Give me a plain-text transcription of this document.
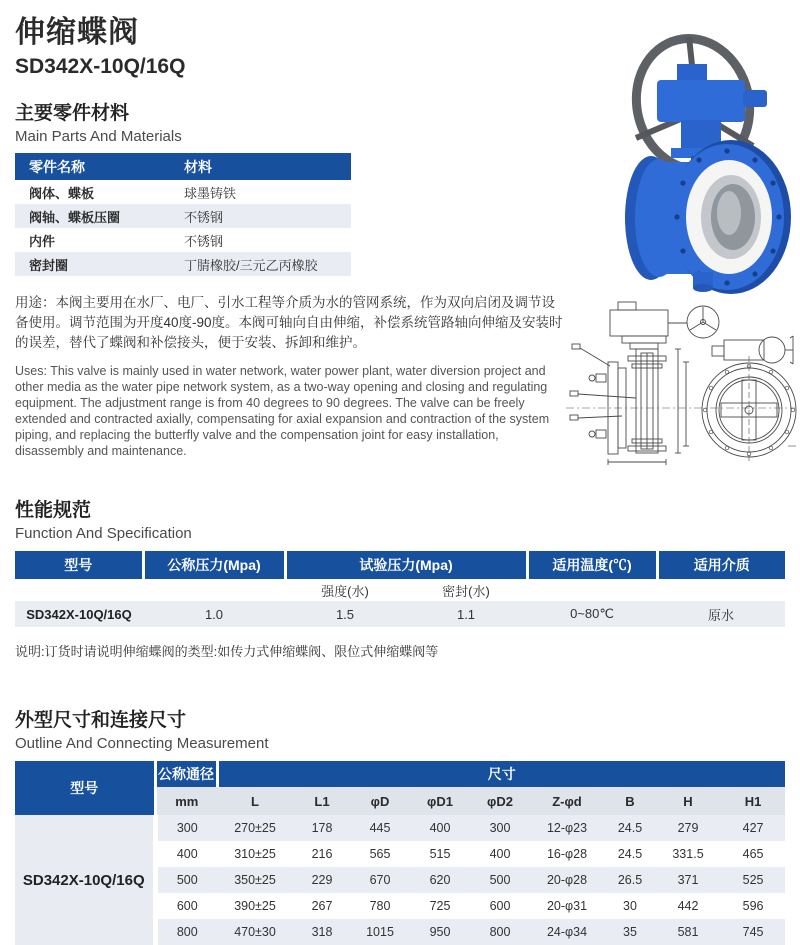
伸缩蝶阀
SD342X-10Q/16Q
主要零件材料
Main Parts And Materials
零件名称	材料
阀体、蝶板	球墨铸铁
阀轴、蝶板压圈	不锈钢
内件	不锈钢
密封圈	丁腈橡胶/三元乙丙橡胶

用途：本阀主要用在水厂、电厂、引水工程等介质为水的管网系统，作为双向启闭及调节设备使用。调节范围为开度40度-90度。本阀可轴向自由伸缩，补偿系统管路轴向伸缩及安装时的误差，替代了蝶阀和补偿接头，便于安装、拆卸和维护。

Uses: This valve is mainly used in water network, water power plant, water diversion project and other media as the water pipe network system, as a two-way opening and closing and regulating equipment. The adjustment range is from 40 degrees to 90 degrees. The valve can be freely extended and contracted axially, compensating for axial expansion and contraction of the system piping, and replacing the butterfly valve and the compensation joint for easy installation, disassembly and maintenance.

性能规范
Function And Specification
型号	公称压力(Mpa)	试验压力(Mpa)		适用温度(℃)	适用介质
		强度(水)	密封(水)		
SD342X-10Q/16Q	1.0	1.5	1.1	0~80℃	原水

说明:订货时请说明伸缩蝶阀的类型:如传力式伸缩蝶阀、限位式伸缩蝶阀等

外型尺寸和连接尺寸
Outline And Connecting Measurement
型号	公称通径	尺寸								
	mm	L	L1	φD	φD1	φD2	Z-φd	B	H	H1
SD342X-10Q/16Q	300	270±25	178	445	400	300	12-φ23	24.5	279	427
	400	310±25	216	565	515	400	16-φ28	24.5	331.5	465
	500	350±25	229	670	620	500	20-φ28	26.5	371	525
	600	390±25	267	780	725	600	20-φ31	30	442	596
	800	470±30	318	1015	950	800	24-φ34	35	581	745
